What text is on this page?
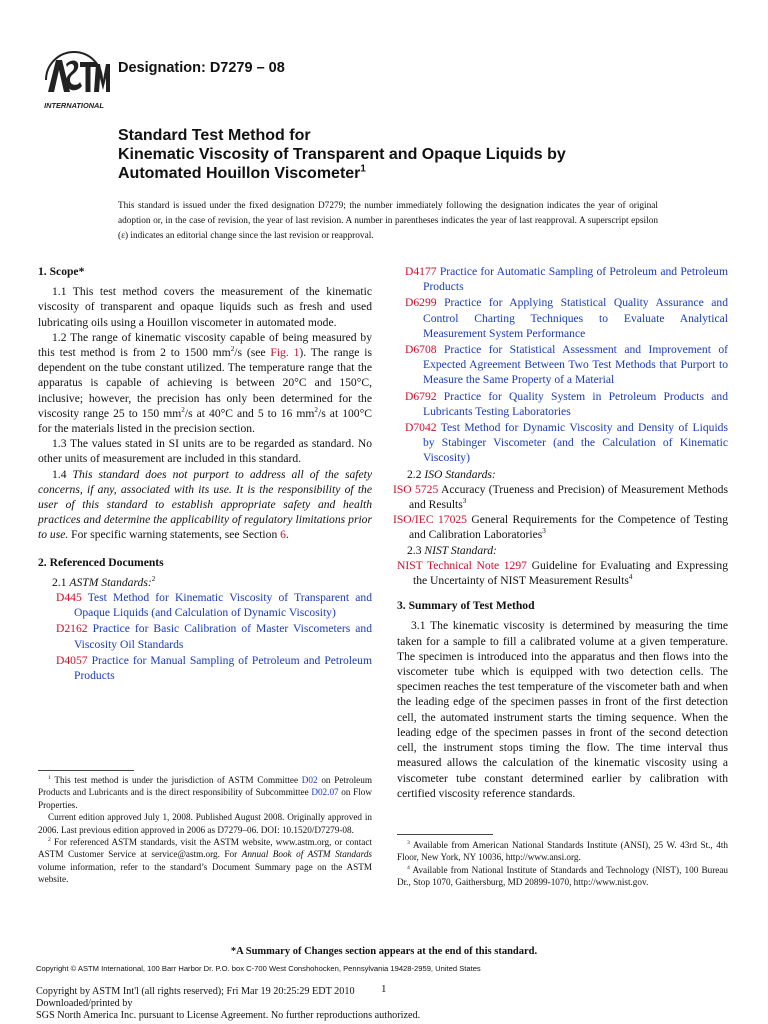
INTERNATIONAL
Designation: D7279 – 08
Standard Test Method for
Kinematic Viscosity of Transparent and Opaque Liquids by
Automated Houillon Viscometer$^1$
This standard is issued under the fixed designation D7279; the number immediately following the designation indicates the year of original adoption or, in the case of revision, the year of last revision. A number in parentheses indicates the year of last reapproval. A superscript epsilon (ε) indicates an editorial change since the last revision or reapproval.
1. Scope*

1.1 This test method covers the measurement of the kinematic viscosity of transparent and opaque liquids such as fresh and used lubricating oils using a Houillon viscometer in automated mode.

1.2 The range of kinematic viscosity capable of being measured by this test method is from 2 to 1500 $mm^2/s$ (see Fig. 1). The range is dependent on the tube constant utilized. The temperature range that the apparatus is capable of achieving is between 20°C and 150°C, inclusive; however, the precision has only been determined for the viscosity range 25 to 150 $mm^2/s$ at 40°C and 5 to 16 $mm^2/s$ at 100°C for the materials listed in the precision section.

1.3 The values stated in SI units are to be regarded as standard. No other units of measurement are included in this standard.

1.4 This standard does not purport to address all of the safety concerns, if any, associated with its use. It is the responsibility of the user of this standard to establish appropriate safety and health practices and determine the applicability of regulatory limitations prior to use. For specific warning statements, see Section 6.

2. Referenced Documents

2.1 ASTM Standards:$^2$

D445 Test Method for Kinematic Viscosity of Transparent and Opaque Liquids (and Calculation of Dynamic Viscosity)

D2162 Practice for Basic Calibration of Master Viscometers and Viscosity Oil Standards

D4057 Practice for Manual Sampling of Petroleum and Petroleum Products

$^1$ This test method is under the jurisdiction of ASTM Committee D02 on Petroleum Products and Lubricants and is the direct responsibility of Subcommittee D02.07 on Flow Properties.

Current edition approved July 1, 2008. Published August 2008. Originally approved in 2006. Last previous edition approved in 2006 as D7279–06. DOI: 10.1520/D7279-08.

$^2$ For referenced ASTM standards, visit the ASTM website, www.astm.org, or contact ASTM Customer Service at service@astm.org. For Annual Book of ASTM Standards volume information, refer to the standard’s Document Summary page on the ASTM website.

D4177 Practice for Automatic Sampling of Petroleum and Petroleum Products

D6299 Practice for Applying Statistical Quality Assurance and Control Charting Techniques to Evaluate Analytical Measurement System Performance

D6708 Practice for Statistical Assessment and Improvement of Expected Agreement Between Two Test Methods that Purport to Measure the Same Property of a Material

D6792 Practice for Quality System in Petroleum Products and Lubricants Testing Laboratories

D7042 Test Method for Dynamic Viscosity and Density of Liquids by Stabinger Viscometer (and the Calculation of Kinematic Viscosity)

2.2 ISO Standards:

ISO 5725 Accuracy (Trueness and Precision) of Measurement Methods and Results$^3$

ISO/IEC 17025 General Requirements for the Competence of Testing and Calibration Laboratories$^3$

2.3 NIST Standard:

NIST Technical Note 1297 Guideline for Evaluating and Expressing the Uncertainty of NIST Measurement Results$^4$

3. Summary of Test Method

3.1 The kinematic viscosity is determined by measuring the time taken for a sample to fill a calibrated volume at a given temperature. The specimen is introduced into the apparatus and then flows into the viscometer tube which is equipped with two detection cells. The specimen reaches the test temperature of the viscometer bath and when the leading edge of the specimen passes in front of the first detection cell, the automated instrument starts the timing sequence. When the leading edge of the specimen passes in front of the second detection cell, the instrument stops timing the flow. The time interval thus measured allows the calculation of the kinematic viscosity using a viscometer tube constant determined earlier by calibration with certified viscosity reference standards.

$^3$ Available from American National Standards Institute (ANSI), 25 W. 43rd St., 4th Floor, New York, NY 10036, http://www.ansi.org.

$^4$ Available from National Institute of Standards and Technology (NIST), 100 Bureau Dr., Stop 1070, Gaithersburg, MD 20899-1070, http://www.nist.gov.

*A Summary of Changes section appears at the end of this standard.
Copyright © ASTM International, 100 Barr Harbor Dr. P.O. box C-700 West Conshohocken, Pennsylvania 19428-2959, United States
1
Copyright by ASTM Int'l (all rights reserved); Fri Mar 19 20:25:29 EDT 2010
Downloaded/printed by
SGS North America Inc. pursuant to License Agreement. No further reproductions authorized.
